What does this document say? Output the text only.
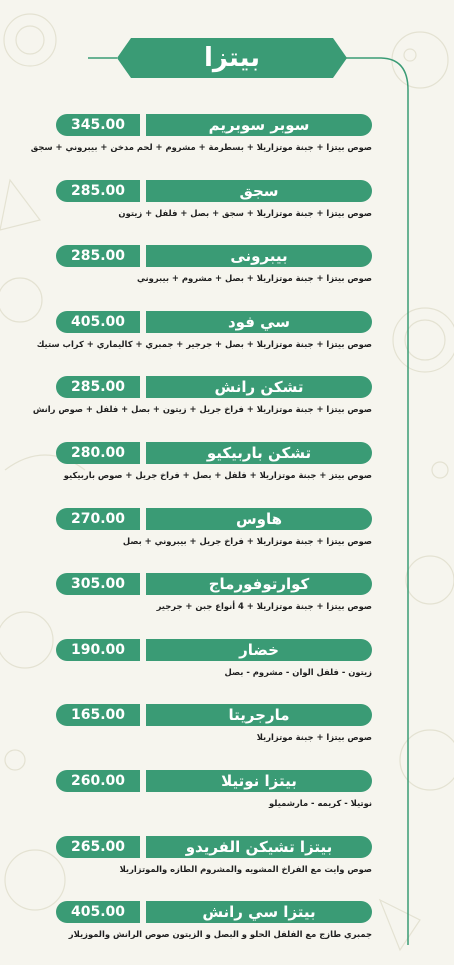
بيتزا
345.00	سوبر سوبريم
صوص بيتزا + جبنة موتزاريلا + بسطرمة + مشروم + لحم مدخن + بيبروني + سجق
285.00	سجق
صوص بيتزا + جبنة موتزاريلا + سجق + بصل + فلفل + زيتون
285.00	بيبرونى
صوص بيتزا + جبنة موتزاريلا + بصل + مشروم + بيبروني
405.00	سي فود
صوص بيتزا + جبنة موتزاريلا + بصل + جرجير + جمبري + كاليماري + كراب ستيك
285.00	تشكن رانش
صوص بيتزا + جبنة موتزاريلا + فراخ جريل + زيتون + بصل + فلفل + صوص رانش
280.00	تشكن باربيكيو
صوص بيتز + جبنة موتزاريلا + فلفل + بصل + فراخ جريل + صوص باربيكيو
270.00	هاوس
صوص بيتزا + جبنة موتزاريلا + فراخ جريل + بيبروني + بصل
305.00	كوارتوفورماج
صوص بيتزا + جبنة موتزاريلا + 4 أنواع جبن + جرجير
190.00	خضار
زيتون - فلفل الوان - مشروم - بصل
165.00	مارجريتا
صوص بيتزا + جبنة موتزاريلا
260.00	بيتزا نوتيلا
نوتيلا - كريمه - مارشميلو
265.00	بيتزا تشيكن الفريدو
صوص وايت مع الفراخ المشويه والمشروم الطازه والموتزاريلا
405.00	بيتزا سي رانش
جمبري طازج مع الفلفل الحلو و البصل و الزيتون صوص الرانش والموزيلار
